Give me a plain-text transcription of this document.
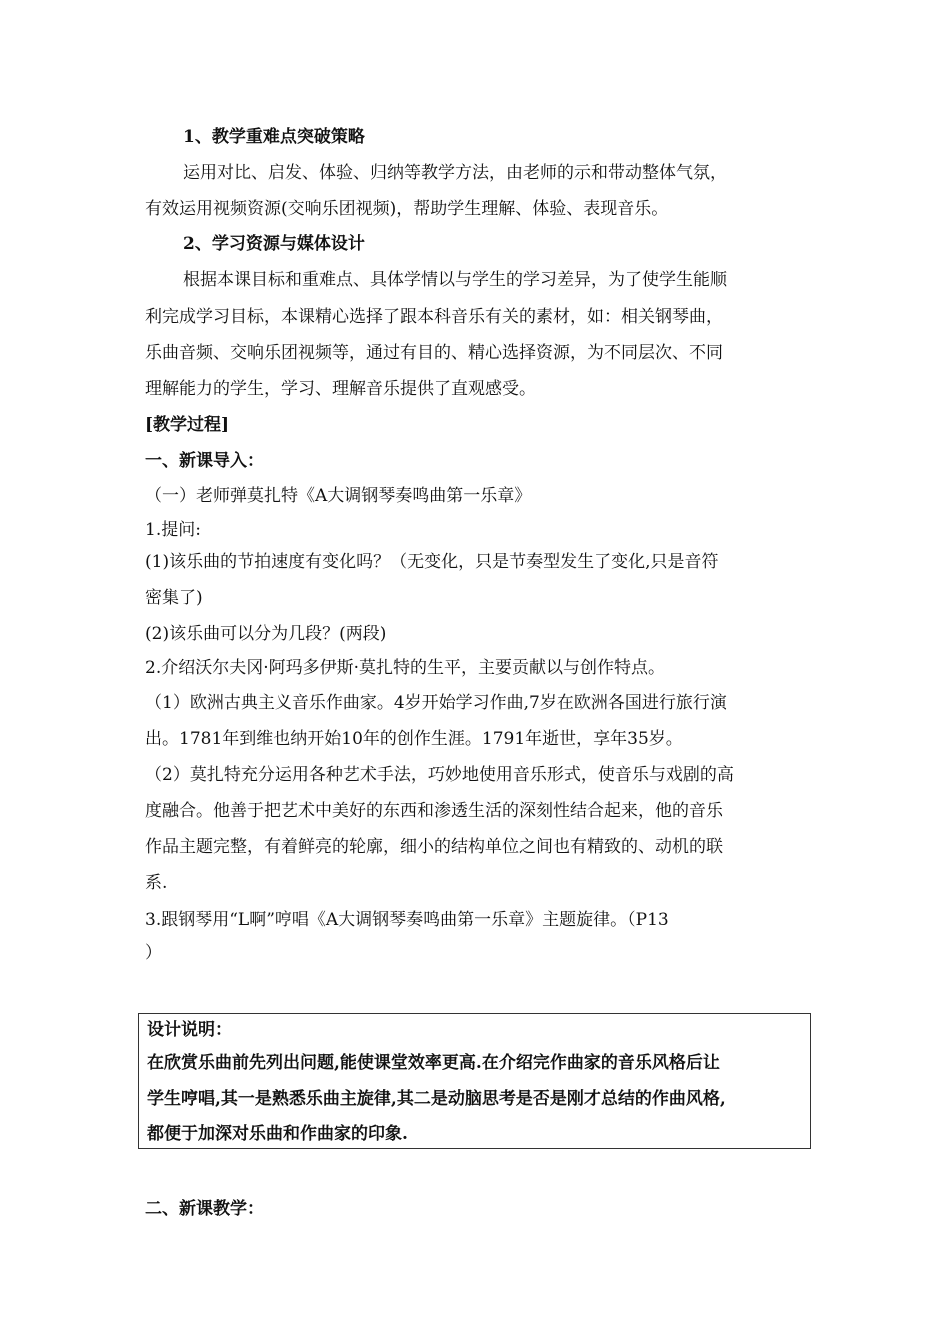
1、教学重难点突破策略

运用对比、启发、体验、归纳等教学方法，由老师的示和带动整体气氛，

有效运用视频资源(交响乐团视频)，帮助学生理解、体验、表现音乐。

2、学习资源与媒体设计

根据本课目标和重难点、具体学情以与学生的学习差异，为了使学生能顺

利完成学习目标，本课精心选择了跟本科音乐有关的素材，如：相关钢琴曲，

乐曲音频、交响乐团视频等，通过有目的、精心选择资源，为不同层次、不同

理解能力的学生，学习、理解音乐提供了直观感受。

[教学过程]

一、新课导入：

（一）老师弹莫扎特《A大调钢琴奏鸣曲第一乐章》

1.提问:

(1)该乐曲的节拍速度有变化吗？（无变化，只是节奏型发生了变化,只是音符

密集了)

(2)该乐曲可以分为几段？(两段)

2.介绍沃尔夫冈·阿玛多伊斯·莫扎特的生平，主要贡献以与创作特点。

（1）欧洲古典主义音乐作曲家。4岁开始学习作曲,7岁在欧洲各国进行旅行演

出。1781年到维也纳开始10年的创作生涯。1791年逝世，享年35岁。

（2）莫扎特充分运用各种艺术手法，巧妙地使用音乐形式，使音乐与戏剧的高

度融合。他善于把艺术中美好的东西和渗透生活的深刻性结合起来，他的音乐

作品主题完整，有着鲜亮的轮廓，细小的结构单位之间也有精致的、动机的联

系.

3.跟钢琴用“L啊”哼唱《A大调钢琴奏鸣曲第一乐章》主题旋律。（P13

）

设计说明：

在欣赏乐曲前先列出问题,能使课堂效率更高.在介绍完作曲家的音乐风格后让

学生哼唱,其一是熟悉乐曲主旋律,其二是动脑思考是否是刚才总结的作曲风格,

都便于加深对乐曲和作曲家的印象.

二、新课教学：
